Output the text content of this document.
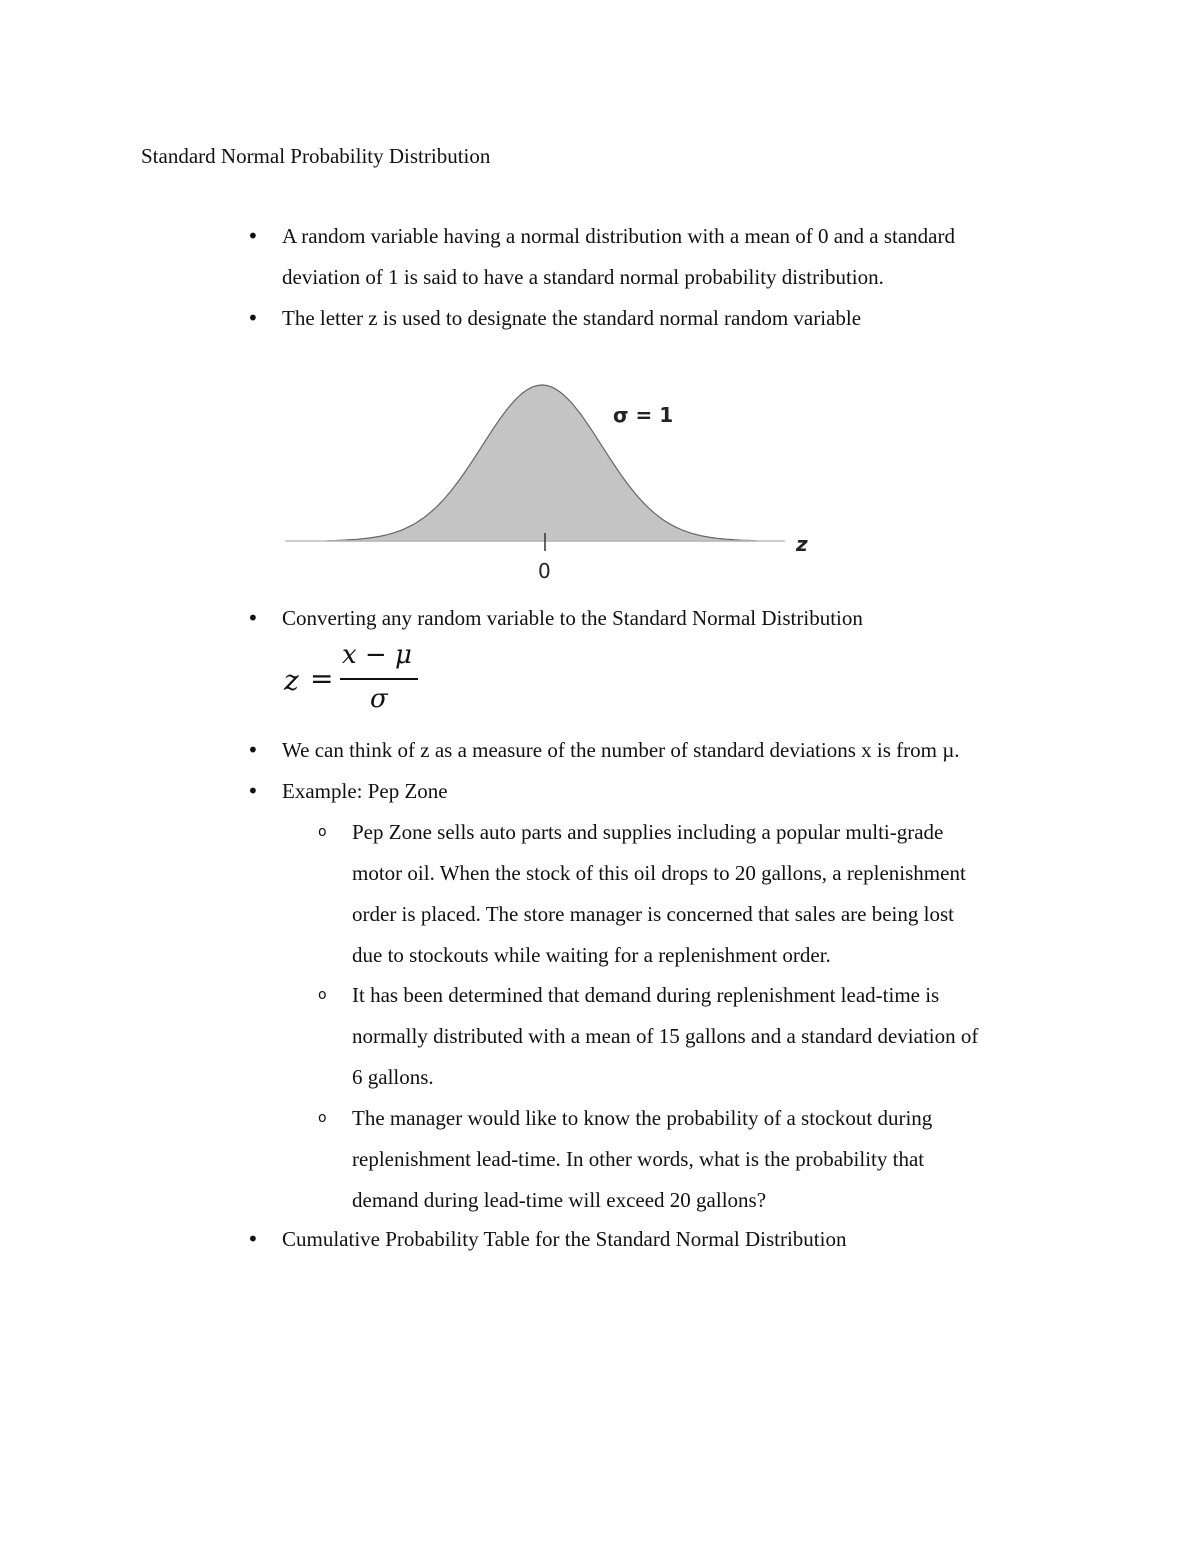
Standard Normal Probability Distribution
• A random variable having a normal distribution with a mean of 0 and a standard
deviation of 1 is said to have a standard normal probability distribution.
• The letter z is used to designate the standard normal random variable
0
z
σ = 1
• Converting any random variable to the Standard Normal Distribution
z =
x − μ
σ
• We can think of z as a measure of the number of standard deviations x is from µ.
• Example: Pep Zone
o Pep Zone sells auto parts and supplies including a popular multi-grade
motor oil. When the stock of this oil drops to 20 gallons, a replenishment
order is placed. The store manager is concerned that sales are being lost
due to stockouts while waiting for a replenishment order.
o It has been determined that demand during replenishment lead-time is
normally distributed with a mean of 15 gallons and a standard deviation of
6 gallons.
o The manager would like to know the probability of a stockout during
replenishment lead-time. In other words, what is the probability that
demand during lead-time will exceed 20 gallons?
• Cumulative Probability Table for the Standard Normal Distribution
